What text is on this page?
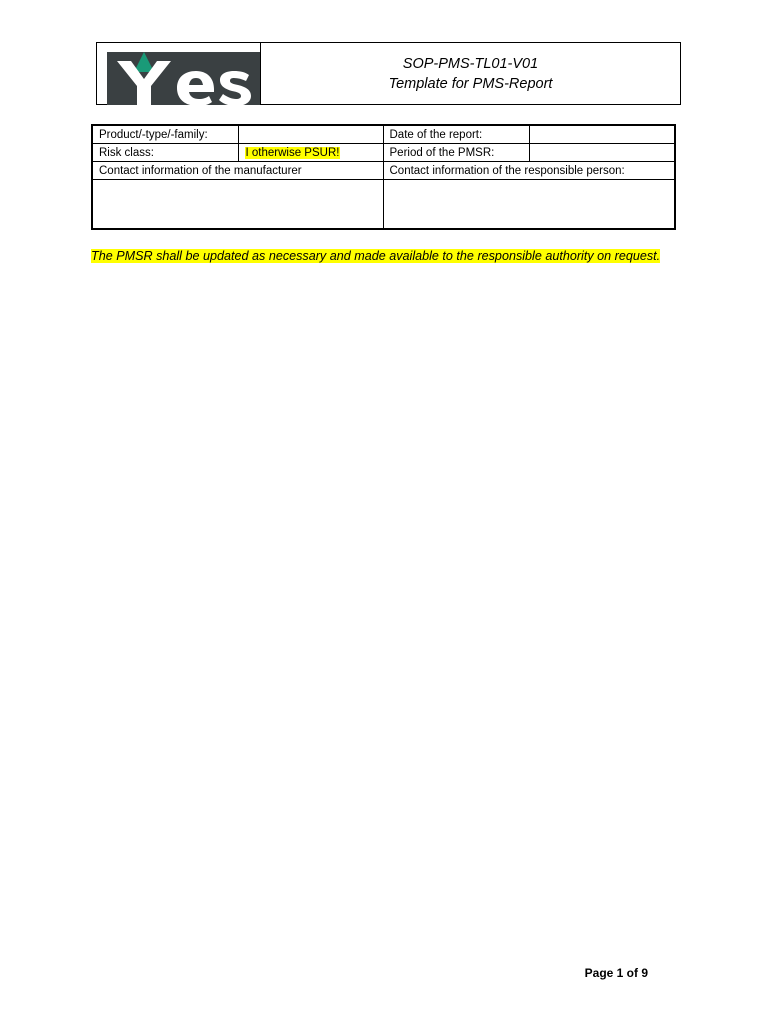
SOP-PMS-TL01-V01
Template for PMS-Report
Product/-type/-family:		Date of the report:	
Risk class:	I otherwise PSUR!	Period of the PMSR:	
Contact information of the manufacturer		Contact information of the responsible person:	

The PMSR shall be updated as necessary and made available to the responsible authority on request.
Page 1 of 9
